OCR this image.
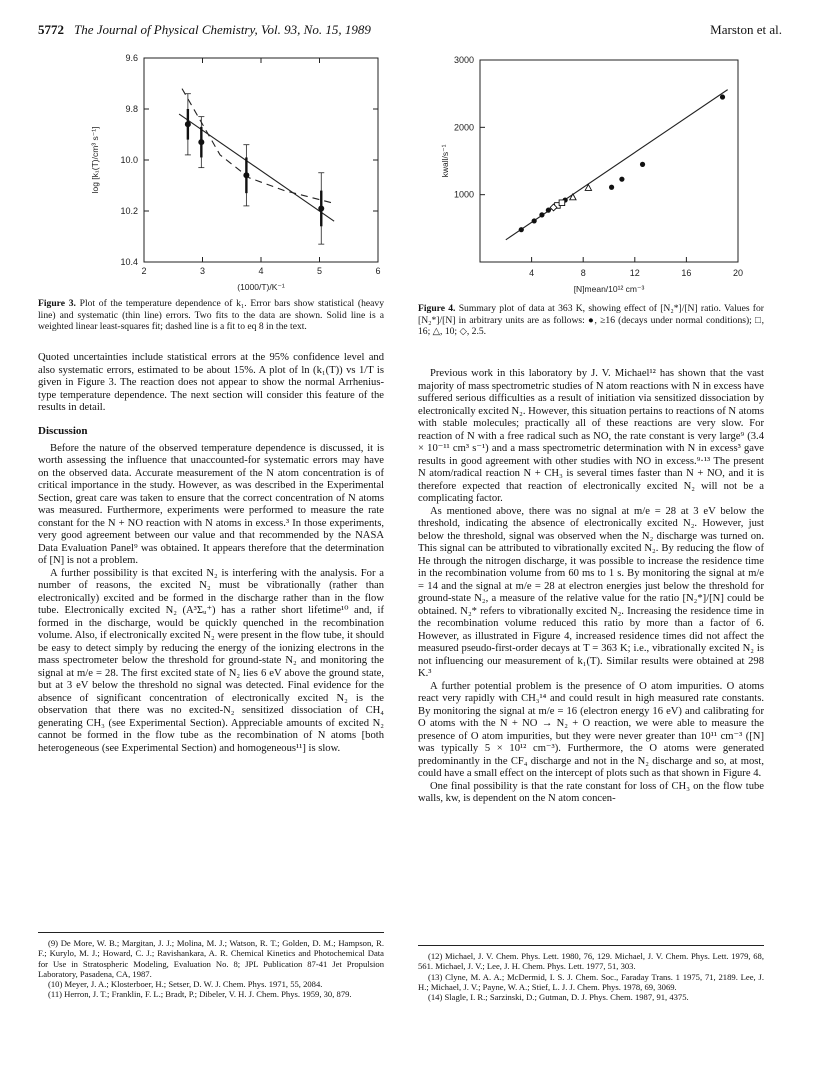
5772 The Journal of Physical Chemistry, Vol. 93, No. 15, 1989	Marston et al.
2	3	4	5	6
9.6
9.8
10.0
10.2
10.4
(1000/T)/K⁻¹
log [k₁(T)/cm³ s⁻¹]
Figure 3. Plot of the temperature dependence of k₁. Error bars show statistical (heavy line) and systematic (thin line) errors. Two fits to the data are shown. Solid line is a weighted linear least-squares fit; dashed line is a fit to eq 8 in the text.
4	8	12	16	20
1000
2000
3000
[N]mean/10¹² cm⁻³
kwall/s⁻¹
Figure 4. Summary plot of data at 363 K, showing effect of [N₂*]/[N] ratio. Values for [N₂*]/[N] in arbitrary units are as follows: ●, ≥16 (decays under normal conditions); □, 16; △, 10; ◇, 2.5.

Quoted uncertainties include statistical errors at the 95% confidence level and also systematic errors, estimated to be about 15%. A plot of ln (k₁(T)) vs 1/T is given in Figure 3. The reaction does not appear to show the normal Arrhenius-type temperature dependence. The next section will consider this feature of the results in detail.

Discussion

Before the nature of the observed temperature dependence is discussed, it is worth assessing the influence that unaccounted-for systematic errors may have on the observed data. Accurate measurement of the N atom concentration is of critical importance in the study. However, as was described in the Experimental Section, great care was taken to ensure that the correct concentration of N atoms was measured. Furthermore, experiments were performed to measure the rate constant for the N + NO reaction with N atoms in excess.³ In those experiments, very good agreement between our value and that recommended by the NASA Data Evaluation Panel⁹ was obtained. It appears therefore that the determination of [N] is not a problem.

A further possibility is that excited N₂ is interfering with the analysis. For a number of reasons, the excited N₂ must be vibrationally (rather than electronically) excited and be formed in the discharge rather than in the flow tube. Electronically excited N₂ (A³Σᵤ⁺) has a rather short lifetime¹⁰ and, if formed in the discharge, would be quickly quenched in the recombination volume. Also, if electronically excited N₂ were present in the flow tube, it should be easy to detect simply by reducing the energy of the ionizing electrons in the mass spectrometer below the threshold for ground-state N₂ and monitoring the signal at m/e = 28. The first excited state of N₂ lies 6 eV above the ground state, but at 3 eV below the threshold no signal was detected. Final evidence for the absence of significant concentration of electronically excited N₂ is the observation that there was no excited-N₂ sensitized dissociation of CH₄ generating CH₃ (see Experimental Section). Appreciable amounts of excited N₂ cannot be formed in the flow tube as the recombination of N atoms [both heterogeneous (see Experimental Section) and homogeneous¹¹] is slow.

Previous work in this laboratory by J. V. Michael¹² has shown that the vast majority of mass spectrometric studies of N atom reactions with N in excess have suffered serious difficulties as a result of initiation via sensitized dissociation by electronically excited N₂. However, this situation pertains to reactions of N atoms with stable molecules; practically all of these reactions are very slow. For reaction of N with a free radical such as NO, the rate constant is very large⁹ (3.4 × 10⁻¹¹ cm³ s⁻¹) and a mass spectrometric determination with N in excess³ gave results in good agreement with other studies with NO in excess.⁹·¹³ The present N atom/radical reaction N + CH₃ is several times faster than N + NO, and it is therefore expected that reaction of electronically excited N₂ will not be a complicating factor.

As mentioned above, there was no signal at m/e = 28 at 3 eV below the threshold, indicating the absence of electronically excited N₂. However, just below the threshold, signal was observed when the N₂ discharge was turned on. This signal can be attributed to vibrationally excited N₂. By reducing the flow of He through the nitrogen discharge, it was possible to increase the residence time in the recombination volume from 60 ms to 1 s. By monitoring the signal at m/e = 14 and the signal at m/e = 28 at electron energies just below the threshold for ground-state N₂, a measure of the relative value for the ratio [N₂*]/[N] could be obtained. N₂* refers to vibrationally excited N₂. Increasing the residence time in the recombination volume reduced this ratio by more than a factor of 6. However, as illustrated in Figure 4, increased residence times did not affect the measured pseudo-first-order decays at T = 363 K; i.e., vibrationally excited N₂ is not influencing our measurement of k₁(T). Similar results were obtained at 298 K.³

A further potential problem is the presence of O atom impurities. O atoms react very rapidly with CH₃¹⁴ and could result in high measured rate constants. By monitoring the signal at m/e = 16 (electron energy 16 eV) and calibrating for O atoms with the N + NO → N₂ + O reaction, we were able to measure the presence of O atom impurities, but they were never greater than 10¹¹ cm⁻³ ([N] was typically 5 × 10¹² cm⁻³). Furthermore, the O atoms were generated predominantly in the CF₄ discharge and not in the N₂ discharge and so, at most, could have a small effect on the intercept of plots such as that shown in Figure 4.

One final possibility is that the rate constant for loss of CH₃ on the flow tube walls, kw, is dependent on the N atom concen-

(9) De More, W. B.; Margitan, J. J.; Molina, M. J.; Watson, R. T.; Golden, D. M.; Hampson, R. F.; Kurylo, M. J.; Howard, C. J.; Ravishankara, A. R. Chemical Kinetics and Photochemical Data for Use in Stratospheric Modeling, Evaluation No. 8; JPL Publication 87-41 Jet Propulsion Laboratory, Pasadena, CA, 1987.

(10) Meyer, J. A.; Klosterboer, H.; Setser, D. W. J. Chem. Phys. 1971, 55, 2084.

(11) Herron, J. T.; Franklin, F. L.; Bradt, P.; Dibeler, V. H. J. Chem. Phys. 1959, 30, 879.

(12) Michael, J. V. Chem. Phys. Lett. 1980, 76, 129. Michael, J. V. Chem. Phys. Lett. 1979, 68, 561. Michael, J. V.; Lee, J. H. Chem. Phys. Lett. 1977, 51, 303.

(13) Clyne, M. A. A.; McDermid, I. S. J. Chem. Soc., Faraday Trans. 1 1975, 71, 2189. Lee, J. H.; Michael, J. V.; Payne, W. A.; Stief, L. J. J. Chem. Phys. 1978, 69, 3069.

(14) Slagle, I. R.; Sarzinski, D.; Gutman, D. J. Phys. Chem. 1987, 91, 4375.
